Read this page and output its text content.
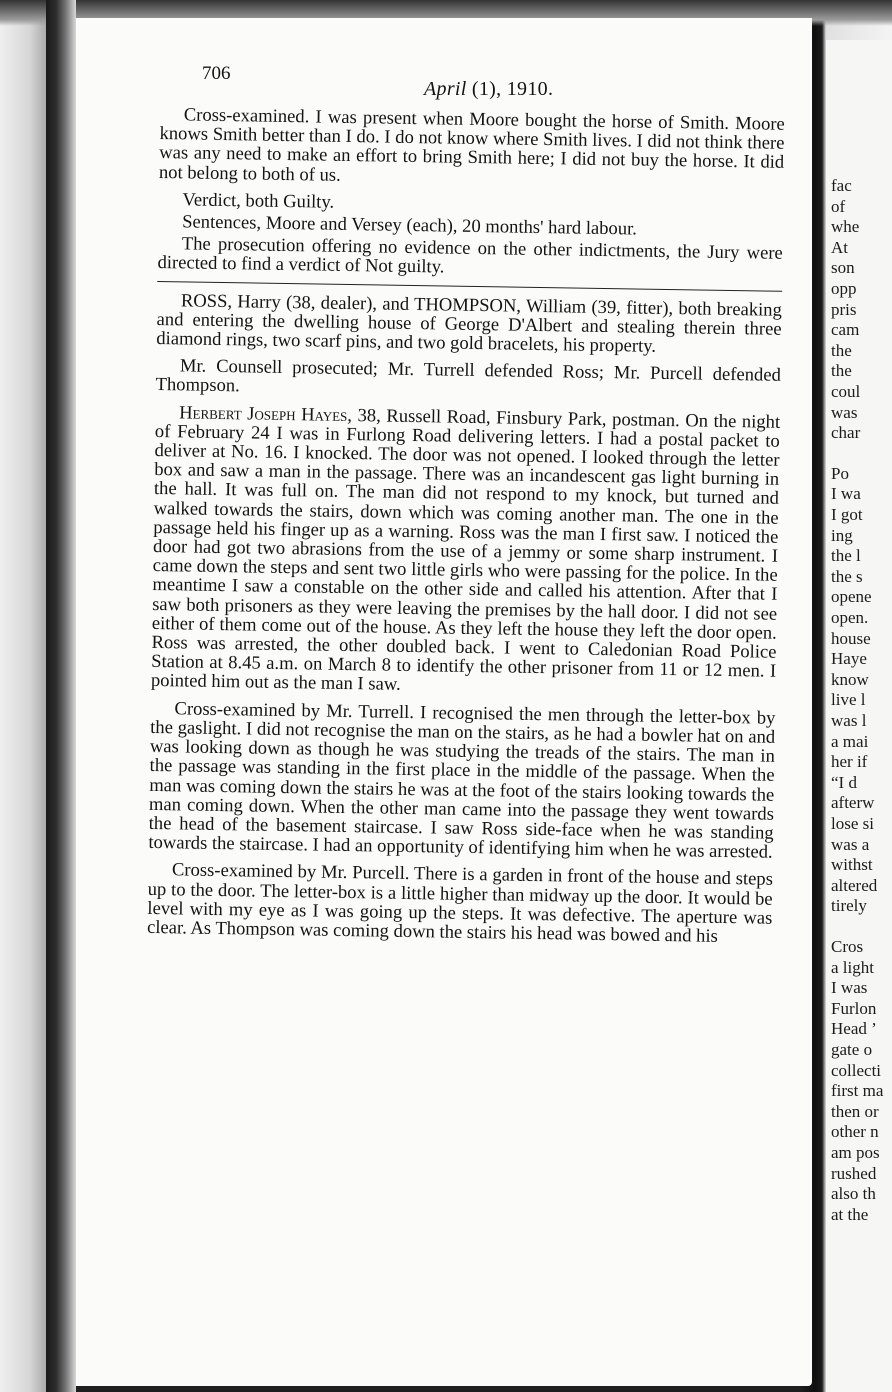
706
April (1), 1910.

Cross-examined. I was present when Moore bought the horse of Smith. Moore knows Smith better than I do. I do not know where Smith lives. I did not think there was any need to make an effort to bring Smith here; I did not buy the horse. It did not belong to both of us.

Verdict, both Guilty.

Sentences, Moore and Versey (each), 20 months' hard labour.

The prosecution offering no evidence on the other indictments, the Jury were directed to find a verdict of Not guilty.

ROSS, Harry (38, dealer), and THOMPSON, William (39, fitter), both breaking and entering the dwelling house of George D'Albert and stealing therein three diamond rings, two scarf pins, and two gold bracelets, his property.

Mr. Counsell prosecuted; Mr. Turrell defended Ross; Mr. Purcell defended Thompson.

Herbert Joseph Hayes, 38, Russell Road, Finsbury Park, postman. On the night of February 24 I was in Furlong Road delivering letters. I had a postal packet to deliver at No. 16. I knocked. The door was not opened. I looked through the letter box and saw a man in the passage. There was an incandescent gas light burning in the hall. It was full on. The man did not respond to my knock, but turned and walked towards the stairs, down which was coming another man. The one in the passage held his finger up as a warning. Ross was the man I first saw. I noticed the door had got two abrasions from the use of a jemmy or some sharp instrument. I came down the steps and sent two little girls who were passing for the police. In the meantime I saw a constable on the other side and called his attention. After that I saw both prisoners as they were leaving the premises by the hall door. I did not see either of them come out of the house. As they left the house they left the door open. Ross was arrested, the other doubled back. I went to Caledonian Road Police Station at 8.45 a.m. on March 8 to identify the other prisoner from 11 or 12 men. I pointed him out as the man I saw.

Cross-examined by Mr. Turrell. I recognised the men through the letter-box by the gaslight. I did not recognise the man on the stairs, as he had a bowler hat on and was looking down as though he was studying the treads of the stairs. The man in the passage was standing in the first place in the middle of the passage. When the man was coming down the stairs he was at the foot of the stairs looking towards the man coming down. When the other man came into the passage they went towards the head of the basement staircase. I saw Ross side-face when he was standing towards the staircase. I had an opportunity of identifying him when he was arrested.

Cross-examined by Mr. Purcell. There is a garden in front of the house and steps up to the door. The letter-box is a little higher than midway up the door. It would be level with my eye as I was going up the steps. It was defective. The aperture was clear. As Thompson was coming down the stairs his head was bowed and his

fac
of
whe
At
son
opp
pris
cam
the
the
coul
was
char
Po
I wa
I got
ing
the l
the s
opene
open.
house
Haye
know
live l
was l
a mai
her if
“I d
afterw
lose si
was a
withst
altered
tirely
Cros
a light
I was
Furlon
Head ’
gate o
collecti
first ma
then or
other n
am pos
rushed
also th
at the
